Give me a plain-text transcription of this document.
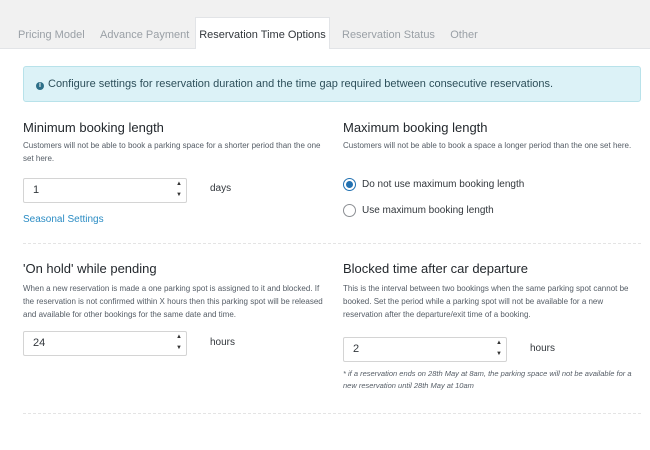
Pricing Model Advance Payment Reservation Time Options	Reservation Status Other
i Configure settings for reservation duration and the time gap required between consecutive reservations.
Minimum booking length
Customers will not be able to book a parking space for a shorter period than the one set here.
1	▲
▼
days
Seasonal Settings
Maximum booking length
Customers will not be able to book a space a longer period than the one set here.
Do not use maximum booking length
Use maximum booking length
'On hold' while pending
When a new reservation is made a one parking spot is assigned to it and blocked. If the reservation is not confirmed within X hours then this parking spot will be released and available for other bookings for the same date and time.
24	▲
▼	hours
Blocked time after car departure
This is the interval between two bookings when the same parking spot cannot be booked. Set the period while a parking spot will not be available for a new reservation after the departure/exit time of a booking.
2	▲
▼	hours
* if a reservation ends on 28th May at 8am, the parking space will not be available for a new reservation until 28th May at 10am
